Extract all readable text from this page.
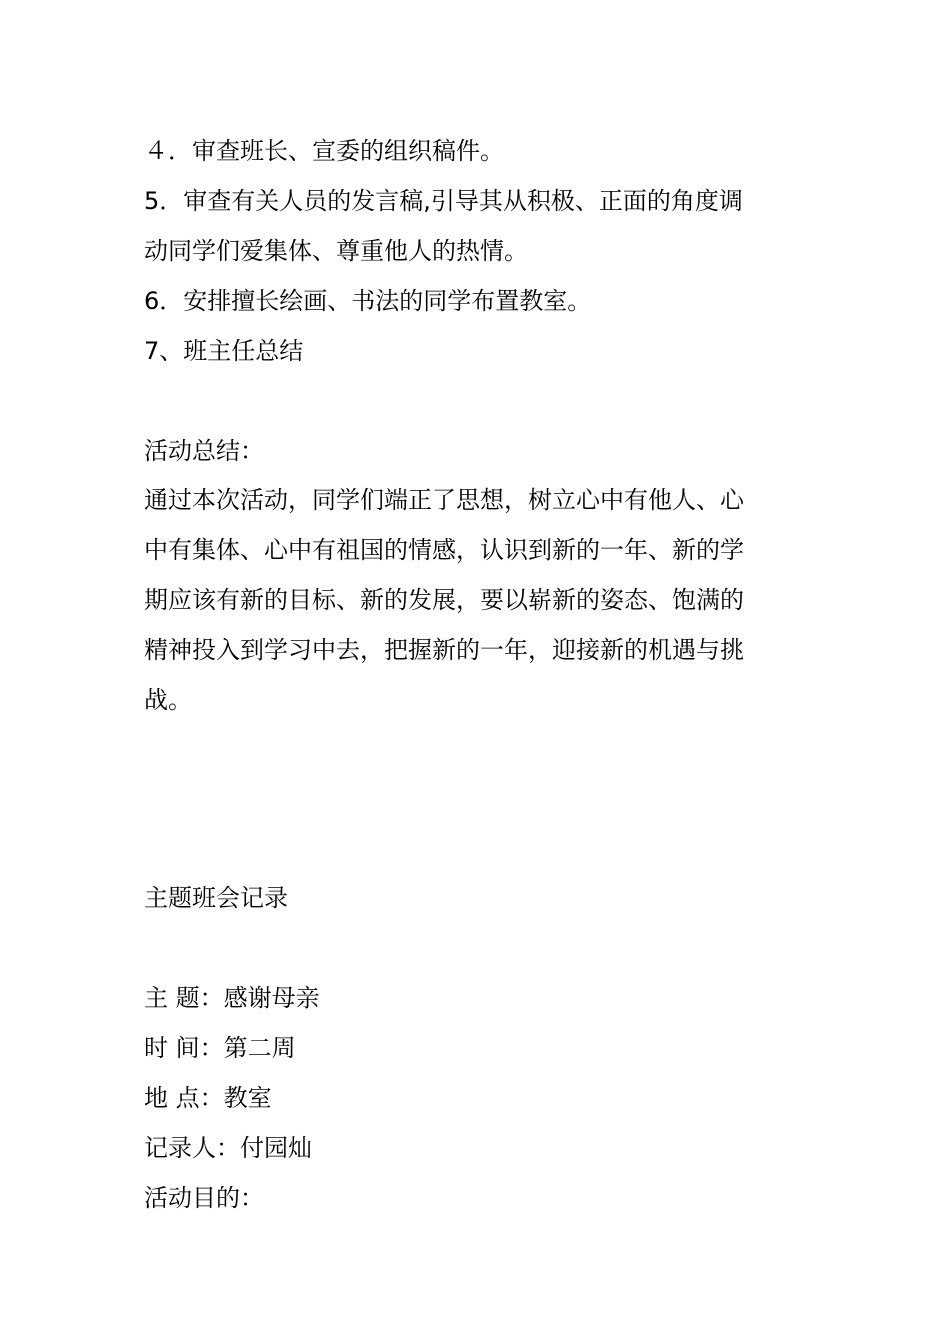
４．审查班长、宣委的组织稿件。
5．审查有关人员的发言稿,引导其从积极、正面的角度调
动同学们爱集体、尊重他人的热情。
6．安排擅长绘画、书法的同学布置教室。
7、班主任总结
活动总结：
通过本次活动，同学们端正了思想，树立心中有他人、心
中有集体、心中有祖国的情感，认识到新的一年、新的学
期应该有新的目标、新的发展，要以崭新的姿态、饱满的
精神投入到学习中去，把握新的一年，迎接新的机遇与挑
战。
主题班会记录
主 题：感谢母亲
时 间：第二周
地 点：教室
记录人：付园灿
活动目的：
